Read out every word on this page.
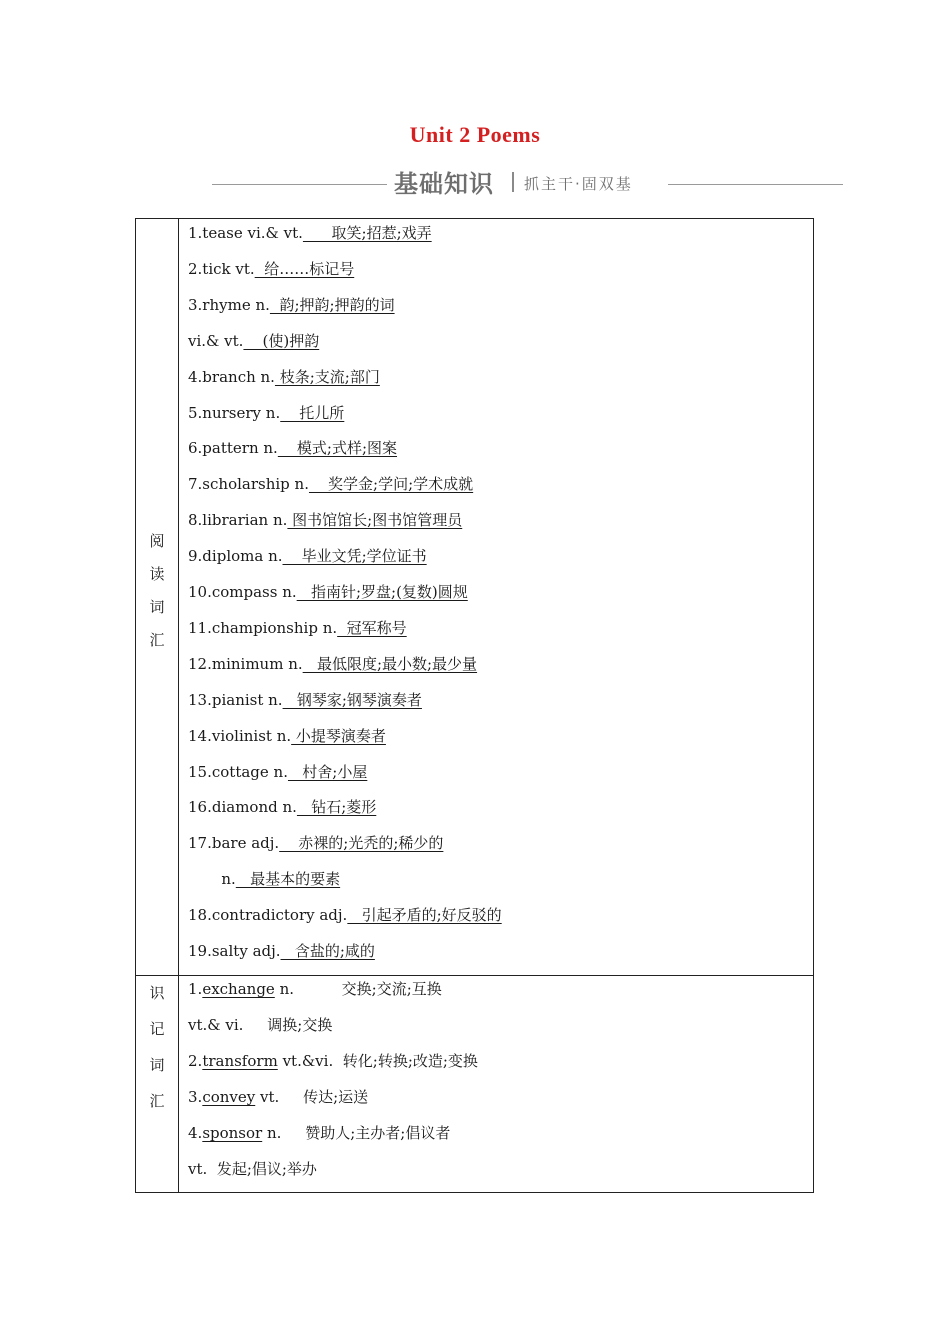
Unit 2 Poems
基础知识 抓主干·固双基
阅
读
词
汇
1.tease vi.& vt.      取笑;招惹;戏弄
2.tick vt.  给……标记号
3.rhyme n.  韵;押韵;押韵的词
vi.& vt.    (使)押韵
4.branch n. 枝条;支流;部门
5.nursery n.    托儿所
6.pattern n.    模式;式样;图案
7.scholarship n.    奖学金;学问;学术成就
8.librarian n. 图书馆馆长;图书馆管理员
9.diploma n.    毕业文凭;学位证书
10.compass n.   指南针;罗盘;(复数)圆规
11.championship n.  冠军称号
12.minimum n.   最低限度;最小数;最少量
13.pianist n.   钢琴家;钢琴演奏者
14.violinist n. 小提琴演奏者
15.cottage n.   村舍;小屋
16.diamond n.   钻石;菱形
17.bare adj.    赤裸的;光秃的;稀少的
n.   最基本的要素
18.contradictory adj.   引起矛盾的;好反驳的
19.salty adj.   含盐的;咸的
识
记
词
汇
1.exchange n.          交换;交流;互换
vt.& vi.     调换;交换
2.transform vt.&vi.  转化;转换;改造;变换
3.convey vt.     传达;运送
4.sponsor n.     赞助人;主办者;倡议者
vt.  发起;倡议;举办
